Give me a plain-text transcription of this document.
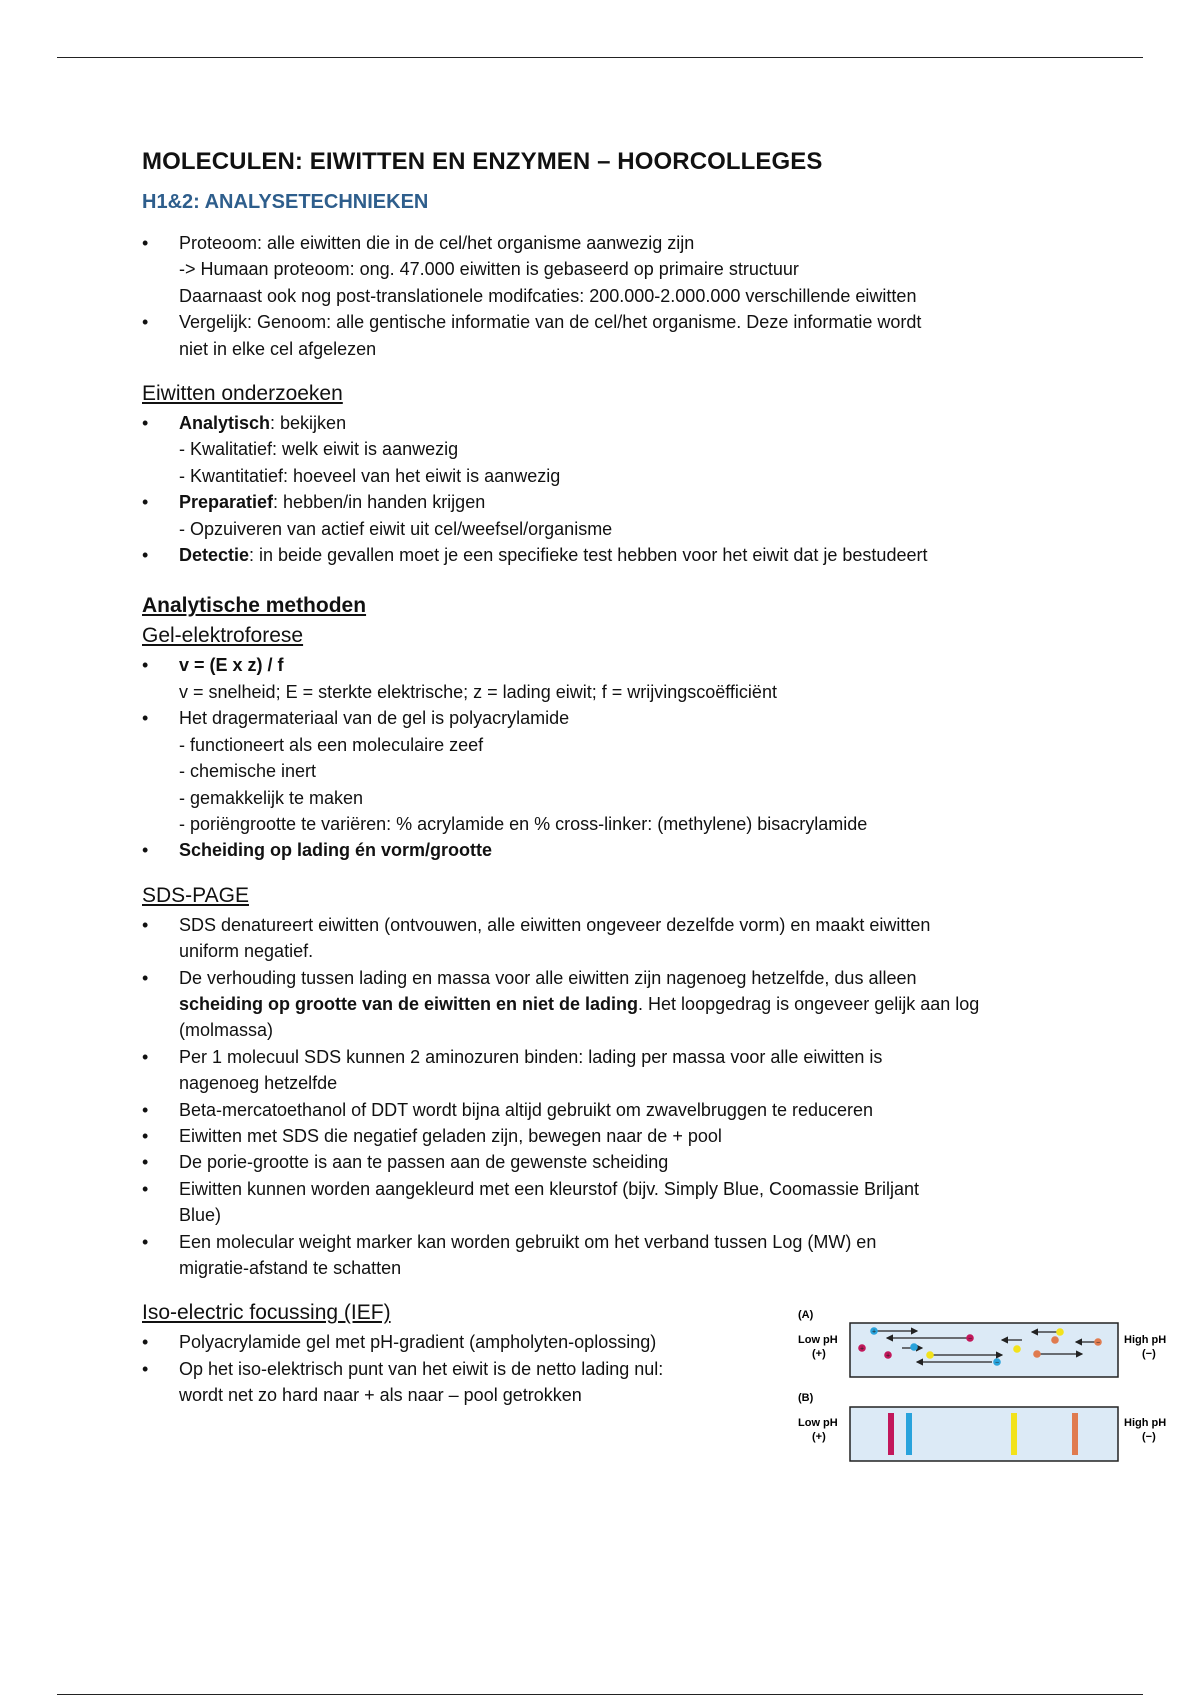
MOLECULEN: EIWITTEN EN ENZYMEN – HOORCOLLEGES
H1&2: ANALYSETECHNIEKEN
• Proteoom: alle eiwitten die in de cel/het organisme aanwezig zijn
-> Humaan proteoom: ong. 47.000 eiwitten is gebaseerd op primaire structuur
Daarnaast ook nog post-translationele modifcaties: 200.000-2.000.000 verschillende eiwitten
• Vergelijk: Genoom: alle gentische informatie van de cel/het organisme. Deze informatie wordt
niet in elke cel afgelezen
Eiwitten onderzoeken
• Analytisch: bekijken
- Kwalitatief: welk eiwit is aanwezig
- Kwantitatief: hoeveel van het eiwit is aanwezig
• Preparatief: hebben/in handen krijgen
- Opzuiveren van actief eiwit uit cel/weefsel/organisme
• Detectie: in beide gevallen moet je een specifieke test hebben voor het eiwit dat je bestudeert
Analytische methoden
Gel-elektroforese
• v = (E x z) / f
v = snelheid; E = sterkte elektrische; z = lading eiwit; f = wrijvingscoëfficiënt
• Het dragermateriaal van de gel is polyacrylamide
- functioneert als een moleculaire zeef
- chemische inert
- gemakkelijk te maken
- poriëngrootte te variëren: % acrylamide en % cross-linker: (methylene) bisacrylamide
• Scheiding op lading én vorm/grootte
SDS-PAGE
• SDS denatureert eiwitten (ontvouwen, alle eiwitten ongeveer dezelfde vorm) en maakt eiwitten
uniform negatief.
• De verhouding tussen lading en massa voor alle eiwitten zijn nagenoeg hetzelfde, dus alleen
scheiding op grootte van de eiwitten en niet de lading. Het loopgedrag is ongeveer gelijk aan log
(molmassa)
• Per 1 molecuul SDS kunnen 2 aminozuren binden: lading per massa voor alle eiwitten is
nagenoeg hetzelfde
• Beta-mercatoethanol of DDT wordt bijna altijd gebruikt om zwavelbruggen te reduceren
• Eiwitten met SDS die negatief geladen zijn, bewegen naar de + pool
• De porie-grootte is aan te passen aan de gewenste scheiding
• Eiwitten kunnen worden aangekleurd met een kleurstof (bijv. Simply Blue, Coomassie Briljant
Blue)
• Een molecular weight marker kan worden gebruikt om het verband tussen Log (MW) en
migratie-afstand te schatten
Iso-electric focussing (IEF)
• Polyacrylamide gel met pH-gradient (ampholyten-oplossing)
• Op het iso-elektrisch punt van het eiwit is de netto lading nul:
wordt net zo hard naar + als naar – pool getrokken
(A)
Low pH
(+)
High pH
(−)
+
−
+
+
−
−
(B)
Low pH
(+)
High pH
(−)
